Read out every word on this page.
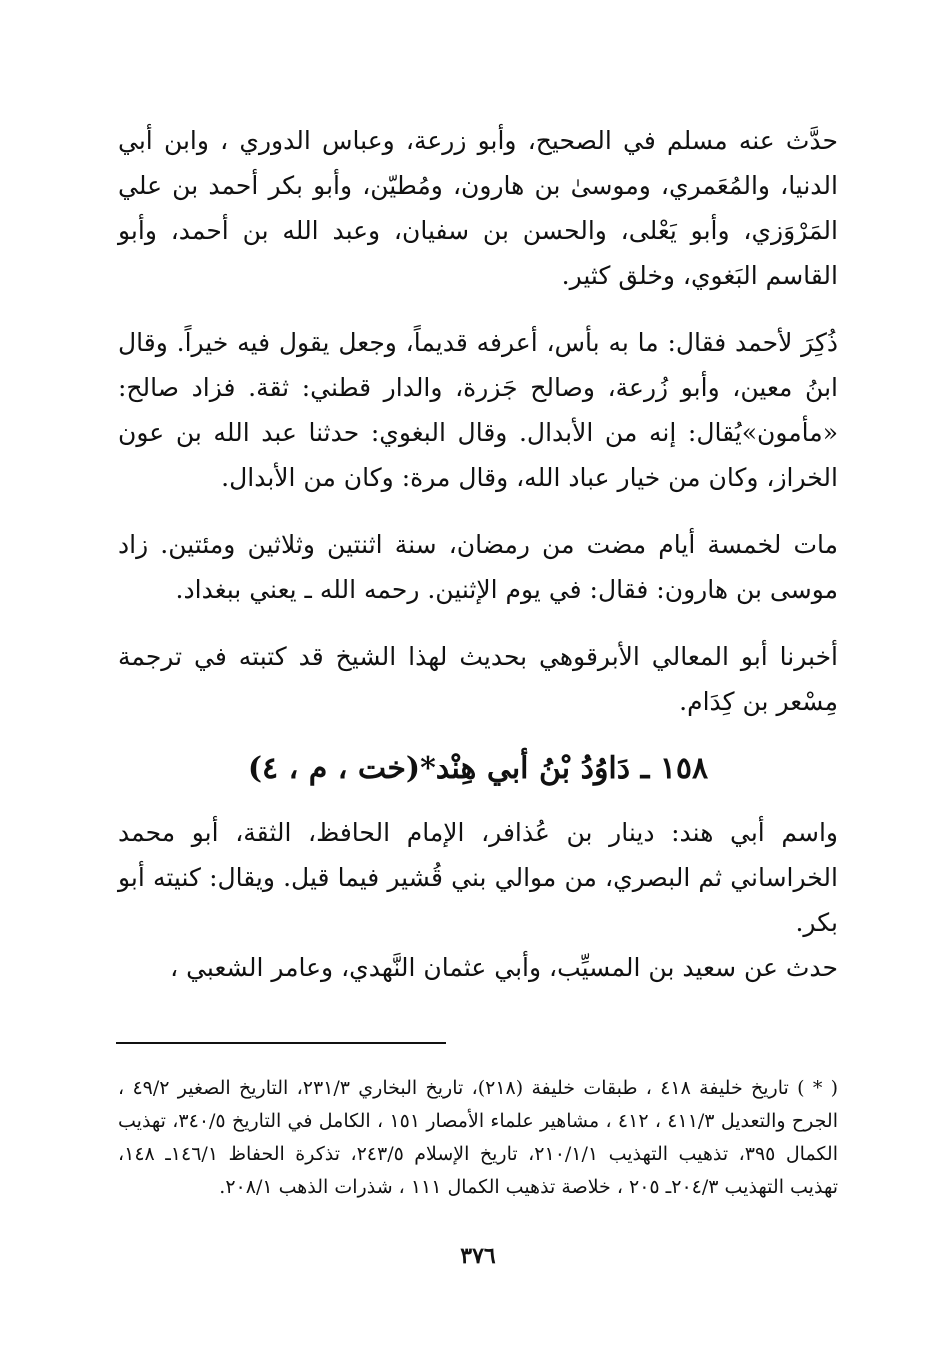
حدَّث عنه مسلم في الصحيح، وأبو زرعة، وعباس الدوري ، وابن أبي الدنيا، والمُعَمري، وموسىٰ بن هارون، ومُطيّن، وأبو بكر أحمد بن علي المَرْوَزي، وأبو يَعْلى، والحسن بن سفيان، وعبد الله بن أحمد، وأبو القاسم البَغوي، وخلق كثير.

ذُكِرَ لأحمد فقال: ما به بأس، أعرفه قديماً، وجعل يقول فيه خيراً. وقال ابنُ معين، وأبو زُرعة، وصالح جَزرة، والدار قطني: ثقة. فزاد صالح: «مأمون»يُقال: إنه من الأبدال. وقال البغوي: حدثنا عبد الله بن عون الخراز، وكان من خيار عباد الله، وقال مرة: وكان من الأبدال.

مات لخمسة أيام مضت من رمضان، سنة اثنتين وثلاثين ومئتين. زاد موسى بن هارون: فقال: في يوم الإثنين. رحمه الله ـ يعني ببغداد.

أخبرنا أبو المعالي الأبرقوهي بحديث لهذا الشيخ قد كتبته في ترجمة مِسْعر بن كِدَام.

١٥٨ ـ دَاوُدُ بْنُ أبي هِنْد*(خت ، م ، ٤)

واسم أبي هند: دينار بن عُذافر، الإمام الحافظ، الثقة، أبو محمد الخراساني ثم البصري، من موالي بني قُشير فيما قيل. ويقال: كنيته أبو بكر.

حدث عن سعيد بن المسيِّب، وأبي عثمان النَّهدي، وعامر الشعبي ،

( * ) تاريخ خليفة ٤١٨ ، طبقات خليفة (٢١٨)، تاريخ البخاري ٢٣١/٣، التاريخ الصغير ٤٩/٢ ، الجرح والتعديل ٤١١/٣ ، ٤١٢ ، مشاهير علماء الأمصار ١٥١ ، الكامل في التاريخ ٣٤٠/٥، تهذيب الكمال ٣٩٥، تذهيب التهذيب ٢١٠/١/١، تاريخ الإسلام ٢٤٣/٥، تذكرة الحفاظ ١٤٦/١ـ ١٤٨، تهذيب التهذيب ٢٠٤/٣ـ ٢٠٥ ، خلاصة تذهيب الكمال ١١١ ، شذرات الذهب ٢٠٨/١.

٣٧٦
